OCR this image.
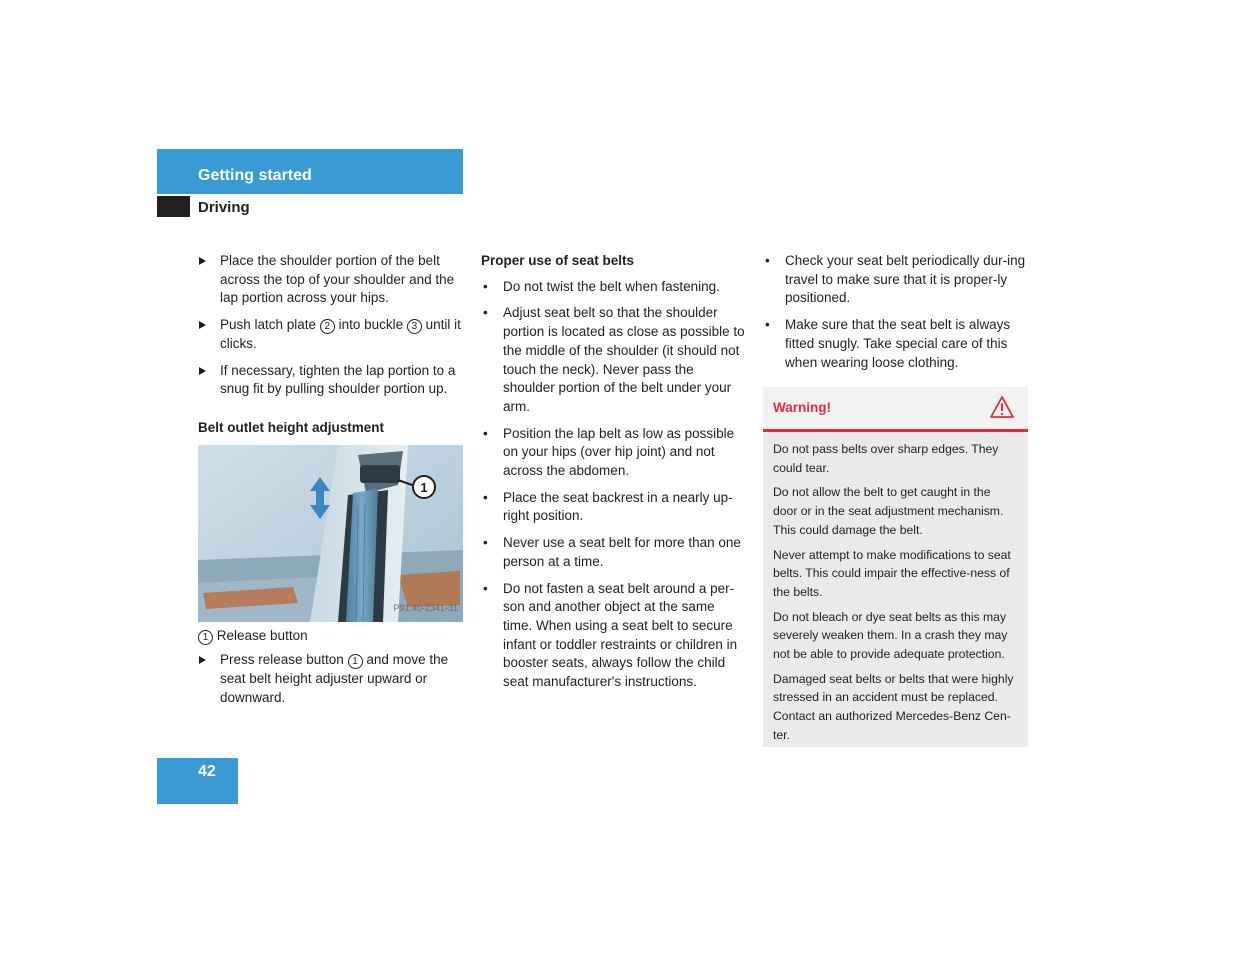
Getting started
Driving
Place the shoulder portion of the belt across the top of your shoulder and the lap portion across your hips.
Push latch plate 2 into buckle 3 until it clicks.
If necessary, tighten the lap portion to a snug fit by pulling shoulder portion up.
Belt outlet height adjustment
1
P91.40-2341-31
1 Release button
Press release button 1 and move the seat belt height adjuster upward or downward.
Proper use of seat belts
• Do not twist the belt when fastening.
• Adjust seat belt so that the shoulder portion is located as close as possible to the middle of the shoulder (it should not touch the neck). Never pass the shoulder portion of the belt under your arm.
• Position the lap belt as low as possible on your hips (over hip joint) and not across the abdomen.
• Place the seat backrest in a nearly up-right position.
• Never use a seat belt for more than one person at a time.
• Do not fasten a seat belt around a per-son and another object at the same time. When using a seat belt to secure infant or toddler restraints or children in booster seats, always follow the child seat manufacturer's instructions.
• Check your seat belt periodically dur-ing travel to make sure that it is proper-ly positioned.
• Make sure that the seat belt is always fitted snugly. Take special care of this when wearing loose clothing.
Warning!

Do not pass belts over sharp edges. They could tear.

Do not allow the belt to get caught in the door or in the seat adjustment mechanism. This could damage the belt.

Never attempt to make modifications to seat belts. This could impair the effective-ness of the belts.

Do not bleach or dye seat belts as this may severely weaken them. In a crash they may not be able to provide adequate protection.

Damaged seat belts or belts that were highly stressed in an accident must be replaced. Contact an authorized Mercedes-Benz Cen-ter.

42
